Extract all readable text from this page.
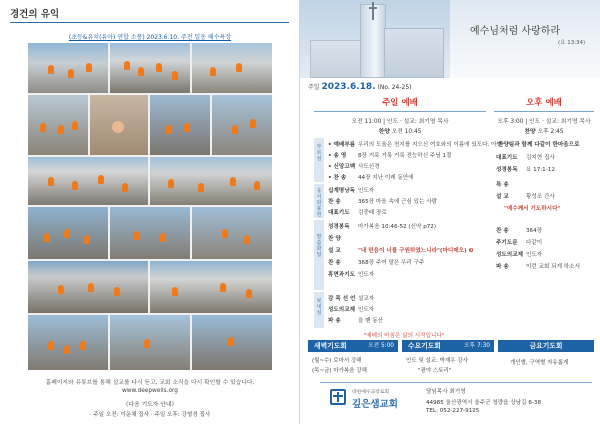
경건의 유익
(초등&유치(유아) 연합 소풍) 2023.6.10. 주전 일동 해수욕장
홈페이지와 유튜브를 통해 설교를 다시 듣고, 교회 소식을 다시 확인할 수 있습니다.
www.deepwells.org
《다음 기도자 안내》
· 주일 오전: 이운채 집사 · 주일 오후: 강형경 집사
예수님처럼 사랑하라
(요 13:34)
주일 2023.6.18. (No. 24-25)
주일 예배
오전 11:00 | 인도 · 설교: 최기영 목사
찬양 오전 10:45
부르심
응시와봉헌
말씀화답
보내심
• 예배부름 우리의 도움은 천지를 지으신 여호와의 이름에 있도다. 아멘
• 송 영 8장 거룩 거룩 거룩 전능하신 주님 1절
• 신앙고백 사도신경
• 찬 송 44장 지난 이레 동안에
십계명낭독 인도자
찬 송	365장 마음 속에 근심 있는 사람
대표기도 김중태 장로
성경봉독 마가복음 10:46-52 (신약 p72)
찬 양
설 교	"내 믿음이 너를 구원하였느니라"(마디매오) ❸
찬 송	368장 주여 말은 우리 구주
휴면과기도 인도자
감 목 선 언 설교자
성도의교제 인도자
파 송	을 땐 동산
"예배의 마침은 삶의 시작입니다"
오후 예배
오후 3:00 | 인도 · 설교: 최기영 목사
찬양 오후 2:45
찬양팀과 함께 다같이 한마음으로
대표기도 김지현 집사
성경봉독 요 17:1-12
특 송
설 교	황성조 간사
"예수께서 기도하시다"
찬 송	364장
주기도문 다같이
성도의교제 인도자
파 송	이런 교회 되게 하소서
새벽기도회	오전 5:00
(월~수) 로마서 강해
(목~금) 마가복음 강해
수요기도회	오후 7:30
인도 및 설교: 박재우 강사
"광야 스토리"
금요기도회
개인별, 구역별 자유롭게
대한예수교장로회
깊은샘교회
담임목사 최기영
44985 울산광역시 울주군 청량읍 상남길 6-38
TEL: 052-227-9125
